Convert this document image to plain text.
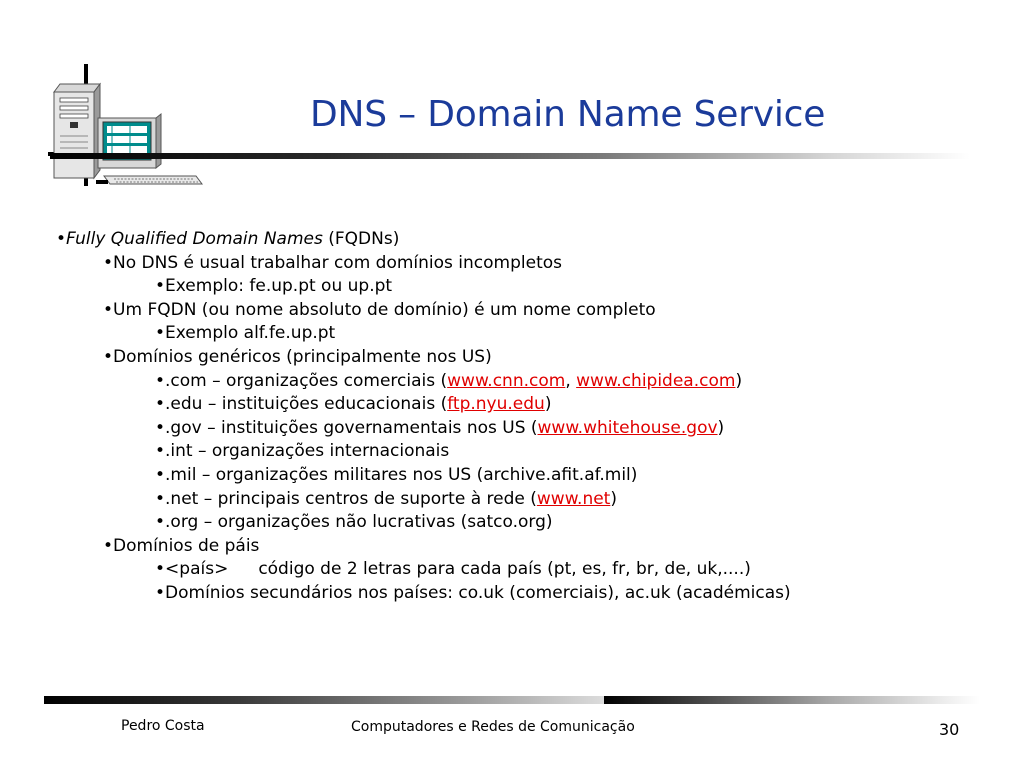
DNS – Domain Name Service
•Fully Qualified Domain Names (FQDNs)
•No DNS é usual trabalhar com domínios incompletos
•Exemplo: fe.up.pt ou up.pt
•Um FQDN (ou nome absoluto de domínio) é um nome completo
•Exemplo alf.fe.up.pt
•Domínios genéricos (principalmente nos US)
•.com – organizações comerciais (www.cnn.com, www.chipidea.com)
•.edu – instituições educacionais (ftp.nyu.edu)
•.gov – instituições governamentais nos US (www.whitehouse.gov)
•.int – organizações internacionais
•.mil – organizações militares nos US (archive.afit.af.mil)
•.net – principais centros de suporte à rede (www.net)
•.org – organizações não lucrativas (satco.org)
•Domínios de páis
•<país> código de 2 letras para cada país (pt, es, fr, br, de, uk,....)
•Domínios secundários nos países: co.uk (comerciais), ac.uk (académicas)
Pedro Costa	Computadores e Redes de Comunicação	30
